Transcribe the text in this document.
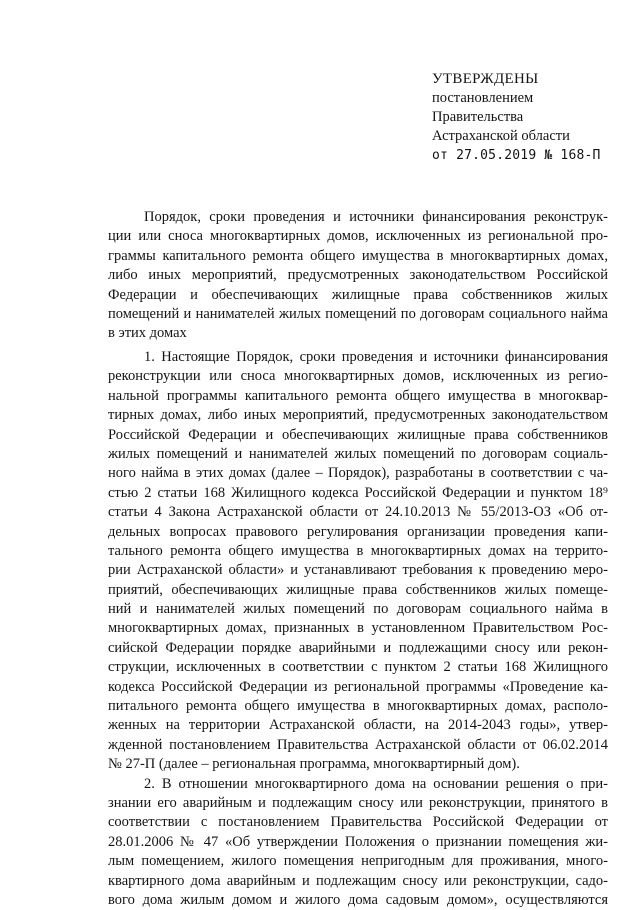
УТВЕРЖДЕНЫ
постановлением
Правительства
Астраханской области
от 27.05.2019 № 168-П
Порядок, сроки проведения и источники финансирования реконструк-
ции или сноса многоквартирных домов, исключенных из региональной про-
граммы капитального ремонта общего имущества в многоквартирных домах,
либо иных мероприятий, предусмотренных законодательством Российской
Федерации и обеспечивающих жилищные права собственников жилых
помещений и нанимателей жилых помещений по договорам социального найма
в этих домах
1. Настоящие Порядок, сроки проведения и источники финансирования
реконструкции или сноса многоквартирных домов, исключенных из регио-
нальной программы капитального ремонта общего имущества в многоквар-
тирных домах, либо иных мероприятий, предусмотренных законодательством
Российской Федерации и обеспечивающих жилищные права собственников
жилых помещений и нанимателей жилых помещений по договорам социаль-
ного найма в этих домах (далее – Порядок), разработаны в соответствии с ча-
стью 2 статьи 168 Жилищного кодекса Российской Федерации и пунктом 18⁹
статьи 4 Закона Астраханской области от 24.10.2013 № 55/2013-ОЗ «Об от-
дельных вопросах правового регулирования организации проведения капи-
тального ремонта общего имущества в многоквартирных домах на террито-
рии Астраханской области» и устанавливают требования к проведению меро-
приятий, обеспечивающих жилищные права собственников жилых помеще-
ний и нанимателей жилых помещений по договорам социального найма в
многоквартирных домах, признанных в установленном Правительством Рос-
сийской Федерации порядке аварийными и подлежащими сносу или рекон-
струкции, исключенных в соответствии с пунктом 2 статьи 168 Жилищного
кодекса Российской Федерации из региональной программы «Проведение ка-
питального ремонта общего имущества в многоквартирных домах, располо-
женных на территории Астраханской области, на 2014-2043 годы», утвер-
жденной постановлением Правительства Астраханской области от 06.02.2014
№ 27-П (далее – региональная программа, многоквартирный дом).
2. В отношении многоквартирного дома на основании решения о при-
знании его аварийным и подлежащим сносу или реконструкции, принятого в
соответствии с постановлением Правительства Российской Федерации от
28.01.2006 № 47 «Об утверждении Положения о признании помещения жи-
лым помещением, жилого помещения непригодным для проживания, много-
квартирного дома аварийным и подлежащим сносу или реконструкции, садо-
вого дома жилым домом и жилого дома садовым домом», осуществляются
